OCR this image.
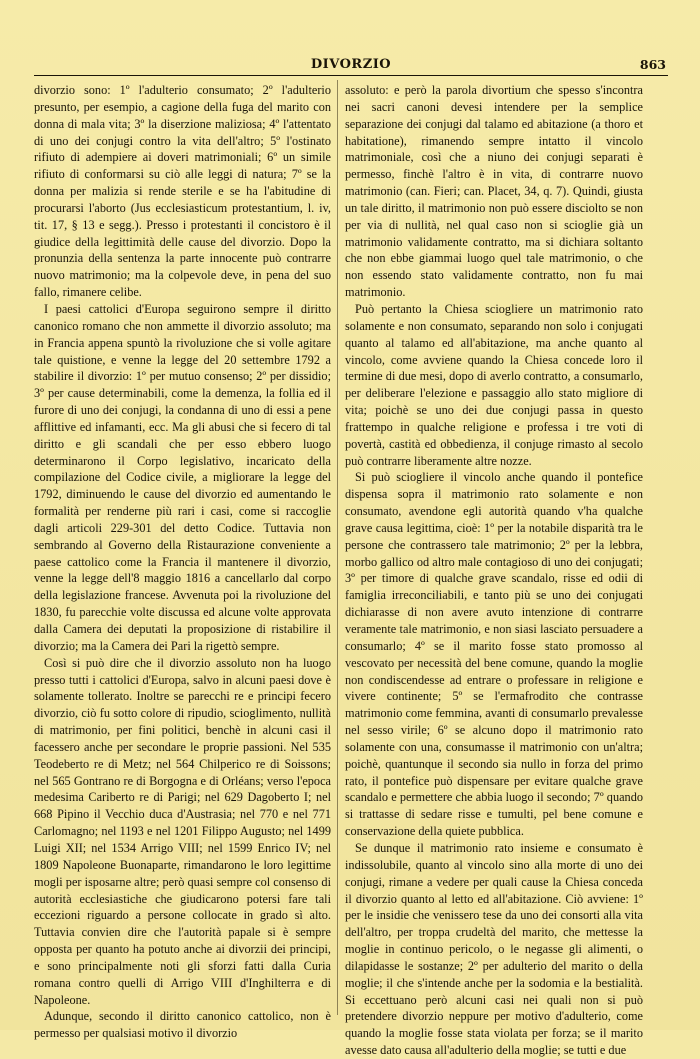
DIVORZIO	863

divorzio sono: 1º l'adulterio consumato; 2º l'adulterio presunto, per esempio, a cagione della fuga del marito con donna di mala vita; 3º la diserzione maliziosa; 4º l'attentato di uno dei conjugi contro la vita dell'altro; 5º l'ostinato rifiuto di adempiere ai doveri matrimoniali; 6º un simile rifiuto di conformarsi su ciò alle leggi di natura; 7º se la donna per malizia si rende sterile e se ha l'abitudine di procurarsi l'aborto (Jus ecclesiasticum protestantium, l. iv, tit. 17, § 13 e segg.). Presso i protestanti il concistoro è il giudice della legittimità delle cause del divorzio. Dopo la pronunzia della sentenza la parte innocente può contrarre nuovo matrimonio; ma la colpevole deve, in pena del suo fallo, rimanere celibe.

I paesi cattolici d'Europa seguirono sempre il diritto canonico romano che non ammette il divorzio assoluto; ma in Francia appena spuntò la rivoluzione che si volle agitare tale quistione, e venne la legge del 20 settembre 1792 a stabilire il divorzio: 1º per mutuo consenso; 2º per dissidio; 3º per cause determinabili, come la demenza, la follia ed il furore di uno dei conjugi, la condanna di uno di essi a pene afflittive ed infamanti, ecc. Ma gli abusi che si fecero di tal diritto e gli scandali che per esso ebbero luogo determinarono il Corpo legislativo, incaricato della compilazione del Codice civile, a migliorare la legge del 1792, diminuendo le cause del divorzio ed aumentando le formalità per renderne più rari i casi, come si raccoglie dagli articoli 229-301 del detto Codice. Tuttavia non sembrando al Governo della Ristaurazione conveniente a paese cattolico come la Francia il mantenere il divorzio, venne la legge dell'8 maggio 1816 a cancellarlo dal corpo della legislazione francese. Avvenuta poi la rivoluzione del 1830, fu parecchie volte discussa ed alcune volte approvata dalla Camera dei deputati la proposizione di ristabilire il divorzio; ma la Camera dei Pari la rigettò sempre.

Così si può dire che il divorzio assoluto non ha luogo presso tutti i cattolici d'Europa, salvo in alcuni paesi dove è solamente tollerato. Inoltre se parecchi re e principi fecero divorzio, ciò fu sotto colore di ripudio, scioglimento, nullità di matrimonio, per fini politici, benchè in alcuni casi il facessero anche per secondare le proprie passioni. Nel 535 Teodeberto re di Metz; nel 564 Chilperico re di Soissons; nel 565 Gontrano re di Borgogna e di Orléans; verso l'epoca medesima Cariberto re di Parigi; nel 629 Dagoberto I; nel 668 Pipino il Vecchio duca d'Austrasia; nel 770 e nel 771 Carlomagno; nel 1193 e nel 1201 Filippo Augusto; nel 1499 Luigi XII; nel 1534 Arrigo VIII; nel 1599 Enrico IV; nel 1809 Napoleone Buonaparte, rimandarono le loro legittime mogli per isposarne altre; però quasi sempre col consenso di autorità ecclesiastiche che giudicarono potersi fare tali eccezioni riguardo a persone collocate in grado sì alto. Tuttavia convien dire che l'autorità papale si è sempre opposta per quanto ha potuto anche ai divorzii dei principi, e sono principalmente noti gli sforzi fatti dalla Curia romana contro quelli di Arrigo VIII d'Inghilterra e di Napoleone.

Adunque, secondo il diritto canonico cattolico, non è permesso per qualsiasi motivo il divorzio

assoluto: e però la parola divortium che spesso s'incontra nei sacri canoni devesi intendere per la semplice separazione dei conjugi dal talamo ed abitazione (a thoro et habitatione), rimanendo sempre intatto il vincolo matrimoniale, così che a niuno dei conjugi separati è permesso, finchè l'altro è in vita, di contrarre nuovo matrimonio (can. Fieri; can. Placet, 34, q. 7). Quindi, giusta un tale diritto, il matrimonio non può essere disciolto se non per via di nullità, nel qual caso non si scioglie già un matrimonio validamente contratto, ma si dichiara soltanto che non ebbe giammai luogo quel tale matrimonio, o che non essendo stato validamente contratto, non fu mai matrimonio.

Può pertanto la Chiesa sciogliere un matrimonio rato solamente e non consumato, separando non solo i conjugati quanto al talamo ed all'abitazione, ma anche quanto al vincolo, come avviene quando la Chiesa concede loro il termine di due mesi, dopo di averlo contratto, a consumarlo, per deliberare l'elezione e passaggio allo stato migliore di vita; poichè se uno dei due conjugi passa in questo frattempo in qualche religione e professa i tre voti di povertà, castità ed obbedienza, il conjuge rimasto al secolo può contrarre liberamente altre nozze.

Si può sciogliere il vincolo anche quando il pontefice dispensa sopra il matrimonio rato solamente e non consumato, avendone egli autorità quando v'ha qualche grave causa legittima, cioè: 1º per la notabile disparità tra le persone che contrassero tale matrimonio; 2º per la lebbra, morbo gallico od altro male contagioso di uno dei conjugati; 3º per timore di qualche grave scandalo, risse ed odii di famiglia irreconciliabili, e tanto più se uno dei conjugati dichiarasse di non avere avuto intenzione di contrarre veramente tale matrimonio, e non siasi lasciato persuadere a consumarlo; 4º se il marito fosse stato promosso al vescovato per necessità del bene comune, quando la moglie non condiscendesse ad entrare o professare in religione e vivere continente; 5º se l'ermafrodito che contrasse matrimonio come femmina, avanti di consumarlo prevalesse nel sesso virile; 6º se alcuno dopo il matrimonio rato solamente con una, consumasse il matrimonio con un'altra; poichè, quantunque il secondo sia nullo in forza del primo rato, il pontefice può dispensare per evitare qualche grave scandalo e permettere che abbia luogo il secondo; 7º quando si trattasse di sedare risse e tumulti, pel bene comune e conservazione della quiete pubblica.

Se dunque il matrimonio rato insieme e consumato è indissolubile, quanto al vincolo sino alla morte di uno dei conjugi, rimane a vedere per quali cause la Chiesa conceda il divorzio quanto al letto ed all'abitazione. Ciò avviene: 1º per le insidie che venissero tese da uno dei consorti alla vita dell'altro, per troppa crudeltà del marito, che mettesse la moglie in continuo pericolo, o le negasse gli alimenti, o dilapidasse le sostanze; 2º per adulterio del marito o della moglie; il che s'intende anche per la sodomia e la bestialità. Si eccettuano però alcuni casi nei quali non si può pretendere divorzio neppure per motivo d'adulterio, come quando la moglie fosse stata violata per forza; se il marito avesse dato causa all'adulterio della moglie; se tutti e due
